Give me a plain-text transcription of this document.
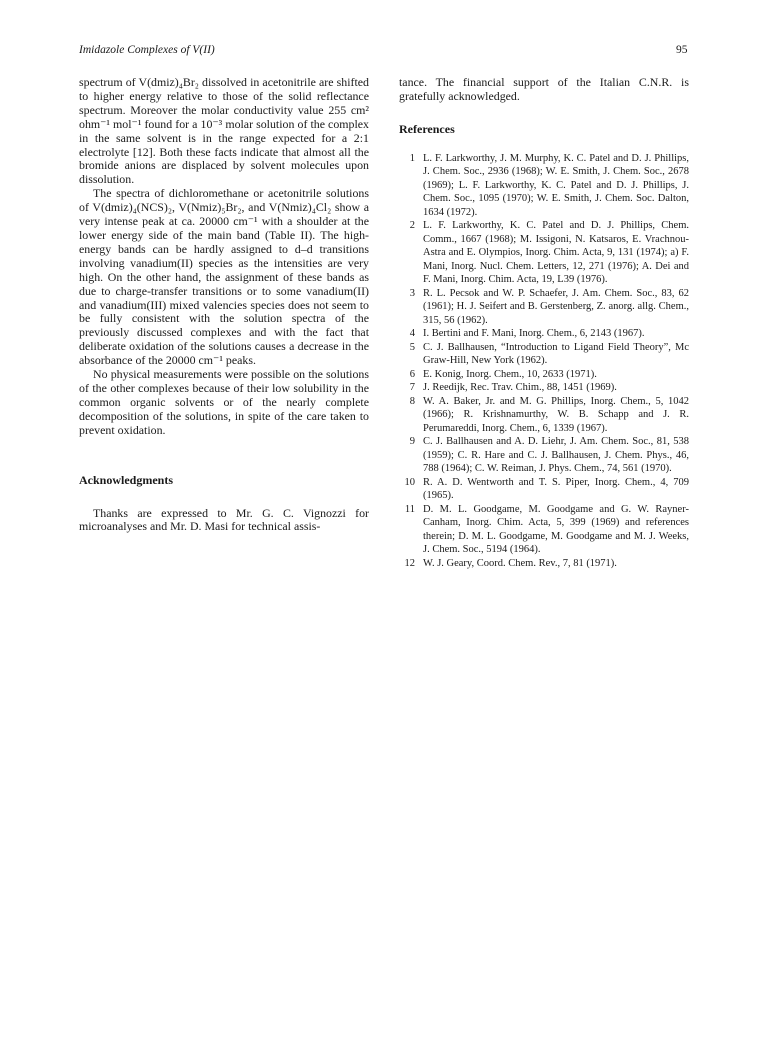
Imidazole Complexes of V(II)	95

spectrum of V(dmiz)₄Br₂ dissolved in acetonitrile are shifted to higher energy relative to those of the solid reflectance spectrum. Moreover the molar conductivity value 255 cm² ohm⁻¹ mol⁻¹ found for a 10⁻³ molar solution of the complex in the same solvent is in the range expected for a 2:1 electrolyte [12]. Both these facts indicate that almost all the bromide anions are displaced by solvent molecules upon dissolution.

The spectra of dichloromethane or acetonitrile solutions of V(dmiz)₄(NCS)₂, V(Nmiz)₅Br₂, and V(Nmiz)₄Cl₂ show a very intense peak at ca. 20000 cm⁻¹ with a shoulder at the lower energy side of the main band (Table II). The high-energy bands can be hardly assigned to d–d transitions involving vanadium(II) species as the intensities are very high. On the other hand, the assignment of these bands as due to charge-transfer transitions or to some vanadium(II) and vanadium(III) mixed valencies species does not seem to be fully consistent with the solution spectra of the previously discussed complexes and with the fact that deliberate oxidation of the solutions causes a decrease in the absorbance of the 20000 cm⁻¹ peaks.

No physical measurements were possible on the solutions of the other complexes because of their low solubility in the common organic solvents or of the nearly complete decomposition of the solutions, in spite of the care taken to prevent oxidation.

Acknowledgments

Thanks are expressed to Mr. G. C. Vignozzi for microanalyses and Mr. D. Masi for technical assis-

tance. The financial support of the Italian C.N.R. is gratefully acknowledged.

References
1 L. F. Larkworthy, J. M. Murphy, K. C. Patel and D. J. Phillips, J. Chem. Soc., 2936 (1968); W. E. Smith, J. Chem. Soc., 2678 (1969); L. F. Larkworthy, K. C. Patel and D. J. Phillips, J. Chem. Soc., 1095 (1970); W. E. Smith, J. Chem. Soc. Dalton, 1634 (1972).
2 L. F. Larkworthy, K. C. Patel and D. J. Phillips, Chem. Comm., 1667 (1968); M. Issigoni, N. Katsaros, E. Vrachnou-Astra and E. Olympios, Inorg. Chim. Acta, 9, 131 (1974); a) F. Mani, Inorg. Nucl. Chem. Letters, 12, 271 (1976); A. Dei and F. Mani, Inorg. Chim. Acta, 19, L39 (1976).
3 R. L. Pecsok and W. P. Schaefer, J. Am. Chem. Soc., 83, 62 (1961); H. J. Seifert and B. Gerstenberg, Z. anorg. allg. Chem., 315, 56 (1962).
4 I. Bertini and F. Mani, Inorg. Chem., 6, 2143 (1967).
5 C. J. Ballhausen, “Introduction to Ligand Field Theory”, Mc Graw-Hill, New York (1962).
6 E. Konig, Inorg. Chem., 10, 2633 (1971).
7 J. Reedijk, Rec. Trav. Chim., 88, 1451 (1969).
8 W. A. Baker, Jr. and M. G. Phillips, Inorg. Chem., 5, 1042 (1966); R. Krishnamurthy, W. B. Schapp and J. R. Perumareddi, Inorg. Chem., 6, 1339 (1967).
9 C. J. Ballhausen and A. D. Liehr, J. Am. Chem. Soc., 81, 538 (1959); C. R. Hare and C. J. Ballhausen, J. Chem. Phys., 46, 788 (1964); C. W. Reiman, J. Phys. Chem., 74, 561 (1970).
10 R. A. D. Wentworth and T. S. Piper, Inorg. Chem., 4, 709 (1965).
11 D. M. L. Goodgame, M. Goodgame and G. W. Rayner-Canham, Inorg. Chim. Acta, 5, 399 (1969) and references therein; D. M. L. Goodgame, M. Goodgame and M. J. Weeks, J. Chem. Soc., 5194 (1964).
12 W. J. Geary, Coord. Chem. Rev., 7, 81 (1971).
